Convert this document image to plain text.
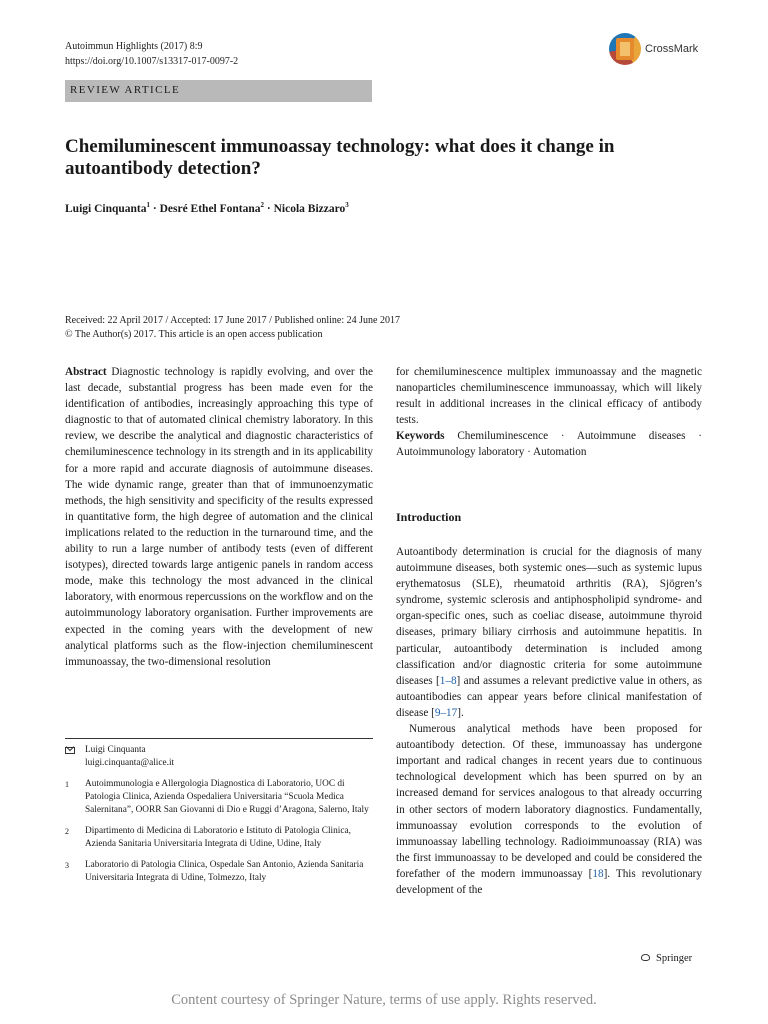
Autoimmun Highlights (2017) 8:9
https://doi.org/10.1007/s13317-017-0097-2
CrossMark
REVIEW ARTICLE
Chemiluminescent immunoassay technology: what does it change in autoantibody detection?
Luigi Cinquanta$^1$ · Desré Ethel Fontana$^2$ · Nicola Bizzaro$^3$
Received: 22 April 2017 / Accepted: 17 June 2017 / Published online: 24 June 2017
© The Author(s) 2017. This article is an open access publication

Abstract Diagnostic technology is rapidly evolving, and over the last decade, substantial progress has been made even for the identification of antibodies, increasingly approaching this type of diagnostic to that of automated clinical chemistry laboratory. In this review, we describe the analytical and diagnostic characteristics of chemiluminescence technology in its strength and in its applicability for a more rapid and accurate diagnosis of autoimmune diseases. The wide dynamic range, greater than that of immunoenzymatic methods, the high sensitivity and specificity of the results expressed in quantitative form, the high degree of automation and the clinical implications related to the reduction in the turnaround time, and the ability to run a large number of antibody tests (even of different isotypes), directed towards large antigenic panels in random access mode, make this technology the most advanced in the clinical laboratory, with enormous repercussions on the workflow and on the autoimmunology laboratory organisation. Further improvements are expected in the coming years with the development of new analytical platforms such as the flow-injection chemiluminescent immunoassay, the two-dimensional resolution

for chemiluminescence multiplex immunoassay and the magnetic nanoparticles chemiluminescence immunoassay, which will likely result in additional increases in the clinical efficacy of antibody tests.

Keywords Chemiluminescence · Autoimmune diseases · Autoimmunology laboratory · Automation

Introduction

Autoantibody determination is crucial for the diagnosis of many autoimmune diseases, both systemic ones—such as systemic lupus erythematosus (SLE), rheumatoid arthritis (RA), Sjögren’s syndrome, systemic sclerosis and antiphospholipid syndrome- and organ-specific ones, such as coeliac disease, autoimmune thyroid diseases, primary biliary cirrhosis and autoimmune hepatitis. In particular, autoantibody determination is included among classification and/or diagnostic criteria for some autoimmune diseases [1–8] and assumes a relevant predictive value in others, as autoantibodies can appear years before clinical manifestation of disease [9–17].

Numerous analytical methods have been proposed for autoantibody detection. Of these, immunoassay has undergone important and radical changes in recent years due to continuous technological development which has been spurred on by an increased demand for services analogous to that already occurring in other sectors of modern laboratory diagnostics. Fundamentally, immunoassay evolution corresponds to the evolution of immunoassay labelling technology. Radioimmunoassay (RIA) was the first immunoassay to be developed and could be considered the forefather of the modern immunoassay [18]. This revolutionary development of the

Luigi Cinquanta
luigi.cinquanta@alice.it
1	Autoimmunologia e Allergologia Diagnostica di Laboratorio, UOC di Patologia Clinica, Azienda Ospedaliera Universitaria “Scuola Medica Salernitana”, OORR San Giovanni di Dio e Ruggi d’Aragona, Salerno, Italy
2	Dipartimento di Medicina di Laboratorio e Istituto di Patologia Clinica, Azienda Sanitaria Universitaria Integrata di Udine, Udine, Italy
3	Laboratorio di Patologia Clinica, Ospedale San Antonio, Azienda Sanitaria Universitaria Integrata di Udine, Tolmezzo, Italy
Springer
Content courtesy of Springer Nature, terms of use apply. Rights reserved.
